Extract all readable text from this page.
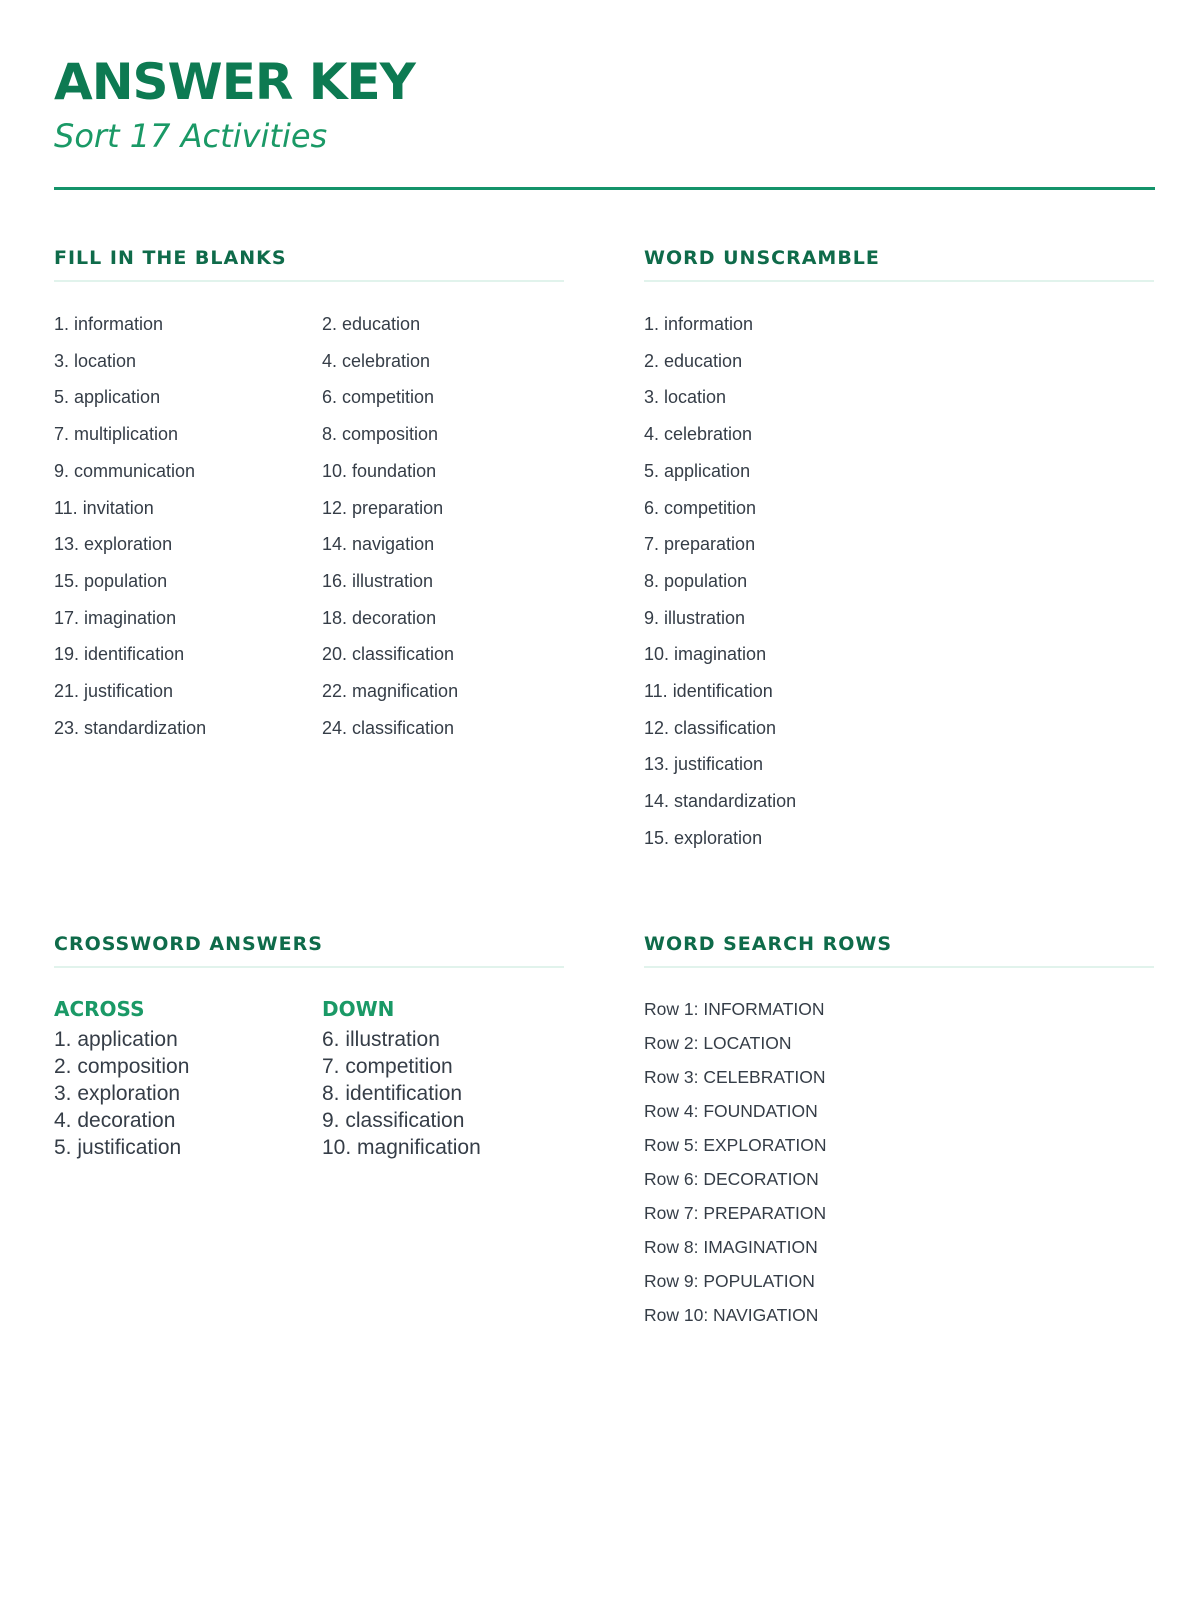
ANSWER KEY
Sort 17 Activities
FILL IN THE BLANKS
1. information	2. education
3. location	4. celebration
5. application	6. competition
7. multiplication	8. composition
9. communication	10. foundation
11. invitation	12. preparation
13. exploration	14. navigation
15. population	16. illustration
17. imagination	18. decoration
19. identification	20. classification
21. justification	22. magnification
23. standardization	24. classification
WORD UNSCRAMBLE
1. information
2. education
3. location
4. celebration
5. application
6. competition
7. preparation
8. population
9. illustration
10. imagination
11. identification
12. classification
13. justification
14. standardization
15. exploration
CROSSWORD ANSWERS
ACROSS
1. application
2. composition
3. exploration
4. decoration
5. justification
DOWN
6. illustration
7. competition
8. identification
9. classification
10. magnification
WORD SEARCH ROWS
Row 1: INFORMATION
Row 2: LOCATION
Row 3: CELEBRATION
Row 4: FOUNDATION
Row 5: EXPLORATION
Row 6: DECORATION
Row 7: PREPARATION
Row 8: IMAGINATION
Row 9: POPULATION
Row 10: NAVIGATION
